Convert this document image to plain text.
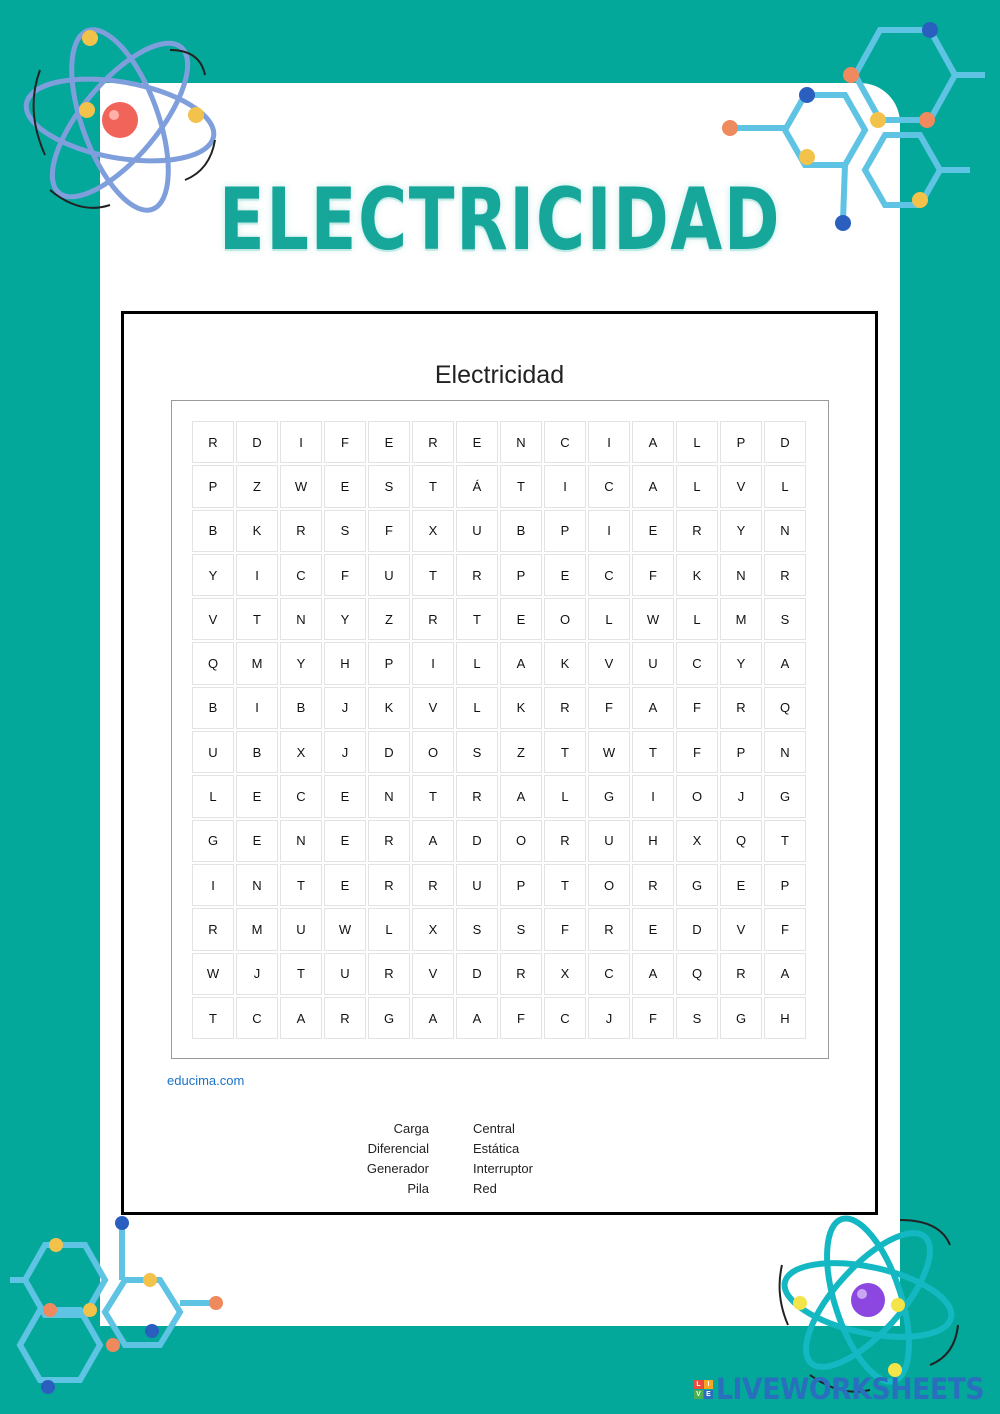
ELECTRICIDAD
Electricidad
R	D	I	F	E	R	E	N	C	I	A	L	P	D
P	Z	W	E	S	T	Á	T	I	C	A	L	V	L
B	K	R	S	F	X	U	B	P	I	E	R	Y	N
Y	I	C	F	U	T	R	P	E	C	F	K	N	R
V	T	N	Y	Z	R	T	E	O	L	W	L	M	S
Q	M	Y	H	P	I	L	A	K	V	U	C	Y	A
B	I	B	J	K	V	L	K	R	F	A	F	R	Q
U	B	X	J	D	O	S	Z	T	W	T	F	P	N
L	E	C	E	N	T	R	A	L	G	I	O	J	G
G	E	N	E	R	A	D	O	R	U	H	X	Q	T
I	N	T	E	R	R	U	P	T	O	R	G	E	P
R	M	U	W	L	X	S	S	F	R	E	D	V	F
W	J	T	U	R	V	D	R	X	C	A	Q	R	A
T	C	A	R	G	A	A	F	C	J	F	S	G	H
educima.com
Carga	Central
Diferencial	Estática
Generador	Interruptor
Pila	Red
L I
V E LIVEWORKSHEETS
